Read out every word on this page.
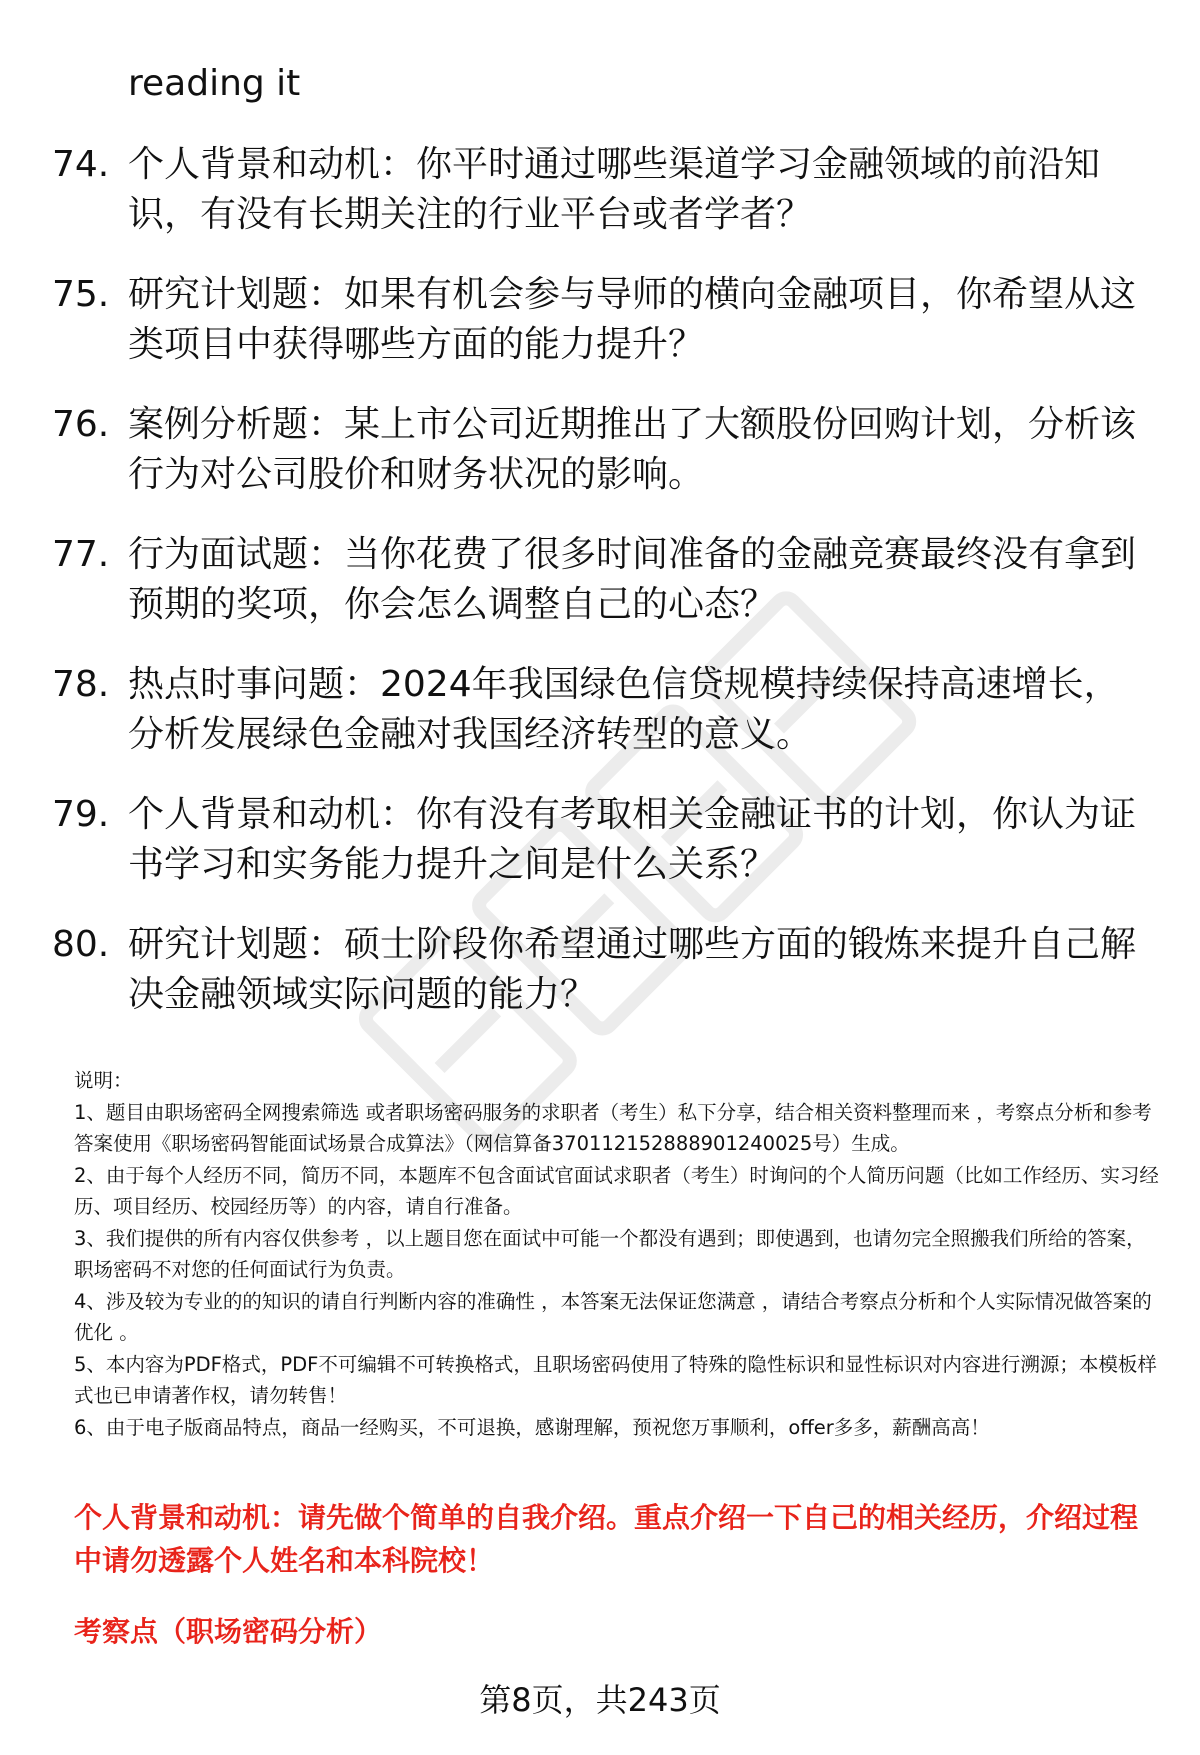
reading it
74. 个人背景和动机：你平时通过哪些渠道学习金融领域的前沿知识，有没有长期关注的行业平台或者学者？
75. 研究计划题：如果有机会参与导师的横向金融项目，你希望从这类项目中获得哪些方面的能力提升？
76. 案例分析题：某上市公司近期推出了大额股份回购计划，分析该行为对公司股价和财务状况的影响。
77. 行为面试题：当你花费了很多时间准备的金融竞赛最终没有拿到预期的奖项，你会怎么调整自己的心态？
78. 热点时事问题：2024年我国绿色信贷规模持续保持高速增长，分析发展绿色金融对我国经济转型的意义。
79. 个人背景和动机：你有没有考取相关金融证书的计划，你认为证书学习和实务能力提升之间是什么关系？
80. 研究计划题：硕士阶段你希望通过哪些方面的锻炼来提升自己解决金融领域实际问题的能力？

说明：

1、题目由职场密码全网搜索筛选 或者职场密码服务的求职者（考生）私下分享，结合相关资料整理而来 ，考察点分析和参考答案使用《职场密码智能面试场景合成算法》（网信算备370112152888901240025号）生成。

2、由于每个人经历不同，简历不同，本题库不包含面试官面试求职者（考生）时询问的个人简历问题（比如工作经历、实习经历、项目经历、校园经历等）的内容，请自行准备。

3、我们提供的所有内容仅供参考 ，以上题目您在面试中可能一个都没有遇到；即使遇到，也请勿完全照搬我们所给的答案，职场密码不对您的任何面试行为负责。

4、涉及较为专业的的知识的请自行判断内容的准确性 ，本答案无法保证您满意 ，请结合考察点分析和个人实际情况做答案的优化 。

5、本内容为PDF格式，PDF不可编辑不可转换格式，且职场密码使用了特殊的隐性标识和显性标识对内容进行溯源；本模板样式也已申请著作权，请勿转售！

6、由于电子版商品特点，商品一经购买，不可退换，感谢理解，预祝您万事顺利，offer多多，薪酬高高！

个人背景和动机：请先做个简单的自我介绍。重点介绍一下自己的相关经历，介绍过程中请勿透露个人姓名和本科院校！
考察点（职场密码分析）
第8页，共243页
